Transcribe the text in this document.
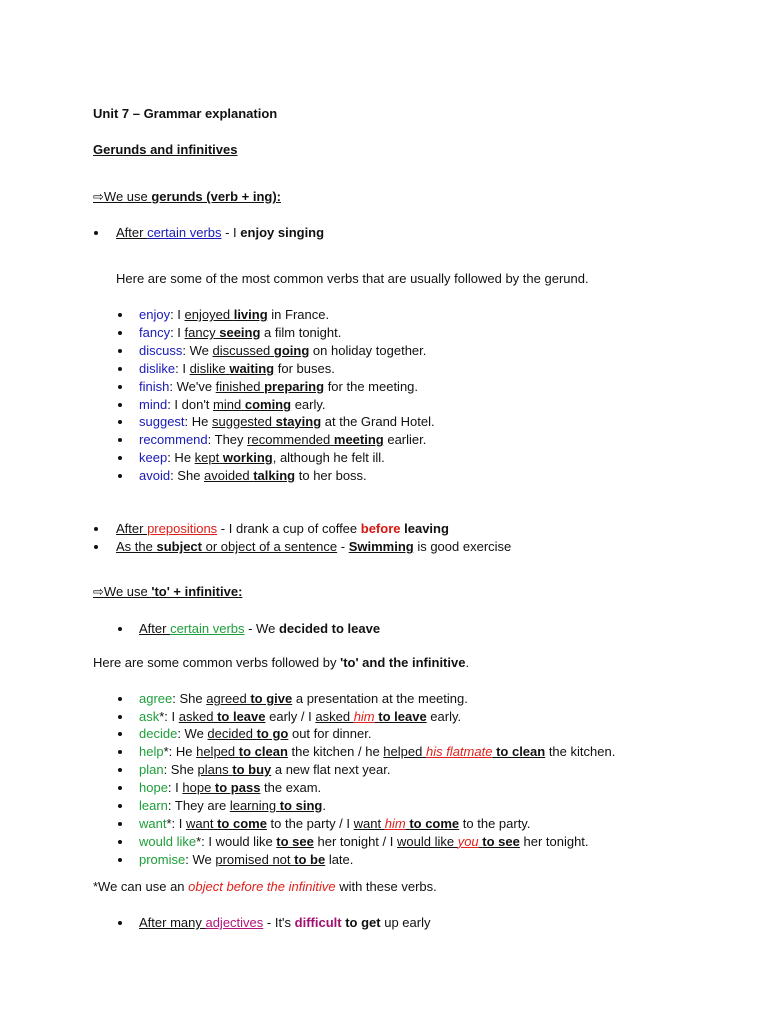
Unit 7 – Grammar explanation
Gerunds and infinitives
⇨We use gerunds (verb + ing):
After certain verbs - I enjoy singing
Here are some of the most common verbs that are usually followed by the gerund.
enjoy: I enjoyed living in France.
fancy: I fancy seeing a film tonight.
discuss: We discussed going on holiday together.
dislike: I dislike waiting for buses.
finish: We've finished preparing for the meeting.
mind: I don't mind coming early.
suggest: He suggested staying at the Grand Hotel.
recommend: They recommended meeting earlier.
keep: He kept working, although he felt ill.
avoid: She avoided talking to her boss.
After prepositions - I drank a cup of coffee before leaving
As the subject or object of a sentence - Swimming is good exercise
⇨We use 'to' + infinitive:
After certain verbs - We decided to leave
Here are some common verbs followed by 'to' and the infinitive.
agree: She agreed to give a presentation at the meeting.
ask*: I asked to leave early / I asked him to leave early.
decide: We decided to go out for dinner.
help*: He helped to clean the kitchen / he helped his flatmate to clean the kitchen.
plan: She plans to buy a new flat next year.
hope: I hope to pass the exam.
learn: They are learning to sing.
want*: I want to come to the party / I want him to come to the party.
would like*: I would like to see her tonight / I would like you to see her tonight.
promise: We promised not to be late.
*We can use an object before the infinitive with these verbs.
After many adjectives - It's difficult to get up early
